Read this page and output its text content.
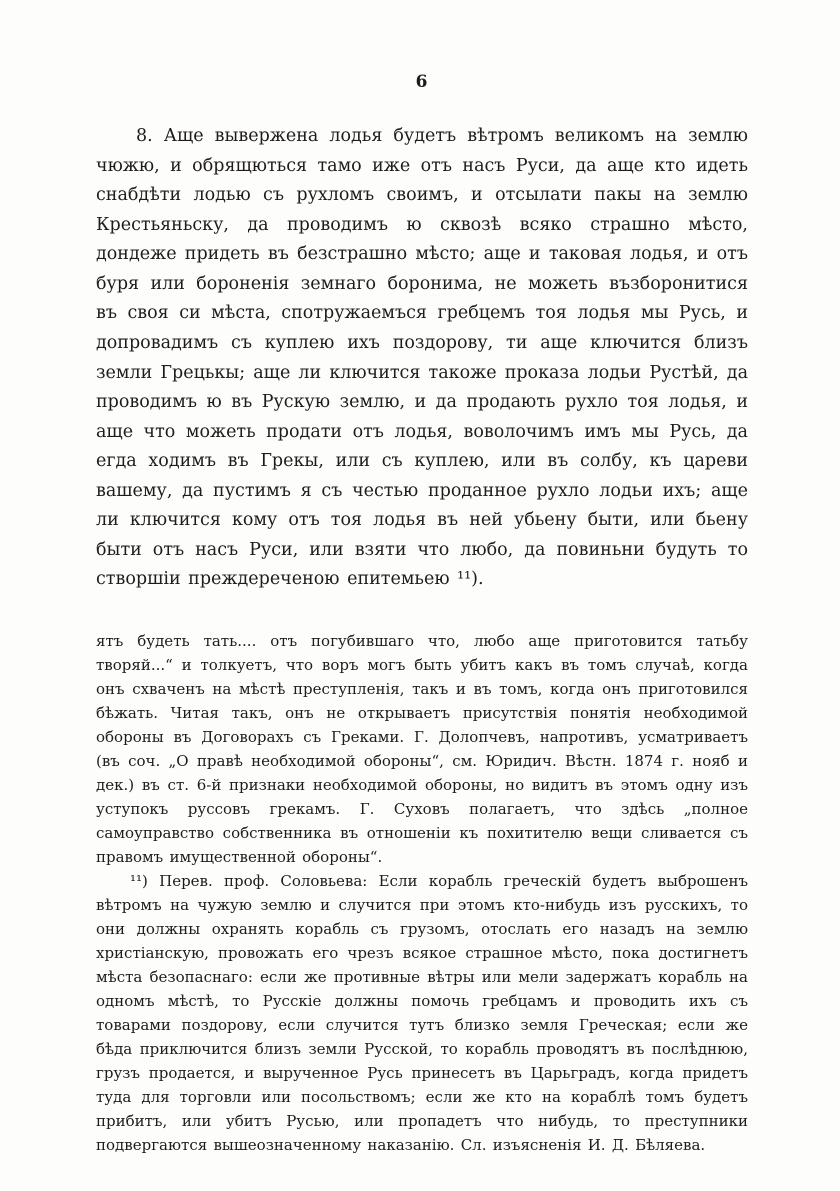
6

8. Аще вывержена лодья будетъ вѣтромъ великомъ на землю чюжю, и обрящються тамо иже отъ насъ Руси, да аще кто идеть снабдѣти лодью съ рухломъ своимъ, и отсылати пакы на землю Крестьяньску, да проводимъ ю сквозѣ всяко страшно мѣсто, дондеже придеть въ безстрашно мѣсто; аще и таковая лодья, и отъ буря или бороненія земнаго боронима, не можеть възборонитися въ своя си мѣста, спотружаемъся гребцемъ тоя лодья мы Русь, и допровадимъ съ куплею ихъ поздорову, ти аще ключится близъ земли Грецькы; аще ли ключится такоже проказа лодьи Рустѣй, да проводимъ ю въ Рускую землю, и да продають рухло тоя лодья, и аще что можеть продати отъ лодья, воволочимъ имъ мы Русь, да егда ходимъ въ Грекы, или съ куплею, или въ солбу, къ цареви вашему, да пустимъ я съ честью проданное рухло лодьи ихъ; аще ли ключится кому отъ тоя лодья въ ней убьену быти, или бьену быти отъ насъ Руси, или взяти что любо, да повиньни будуть то створшіи преждереченою епитемьею ¹¹).

ятъ будеть тать.... отъ погубившаго что, любо аще приготовится татьбу творяй...“ и толкуетъ, что воръ могъ быть убитъ какъ въ томъ случаѣ, когда онъ схваченъ на мѣстѣ преступленія, такъ и въ томъ, когда онъ приготовился бѣжать. Читая такъ, онъ не открываетъ присутствія понятія необходимой обороны въ Договорахъ съ Греками. Г. Долопчевъ, напротивъ, усматриваетъ (въ соч. „О правѣ необходимой обороны“, см. Юридич. Вѣстн. 1874 г. нояб и дек.) въ ст. 6-й признаки необходимой обороны, но видитъ въ этомъ одну изъ уступокъ руссовъ грекамъ. Г. Суховъ полагаетъ, что здѣсь „полное самоуправство собственника въ отношеніи къ похитителю вещи сливается съ правомъ имущественной обороны“.

¹¹) Перев. проф. Соловьева: Если корабль греческій будетъ выброшенъ вѣтромъ на чужую землю и случится при этомъ кто-нибудь изъ русскихъ, то они должны охранять корабль съ грузомъ, отослать его назадъ на землю христіанскую, провожать его чрезъ всякое страшное мѣсто, пока достигнетъ мѣста безопаснаго: если же противные вѣтры или мели задержатъ корабль на одномъ мѣстѣ, то Русскіе должны помочь гребцамъ и проводить ихъ съ товарами поздорову, если случится тутъ близко земля Греческая; если же бѣда приключится близъ земли Русской, то корабль проводятъ въ послѣднюю, грузъ продается, и вырученное Русь принесетъ въ Царьградъ, когда придетъ туда для торговли или посольствомъ; если же кто на кораблѣ томъ будетъ прибитъ, или убитъ Русью, или пропадетъ что нибудь, то преступники подвергаются вышеозначенному наказанію. Сл. изъясненія И. Д. Бѣляева.
